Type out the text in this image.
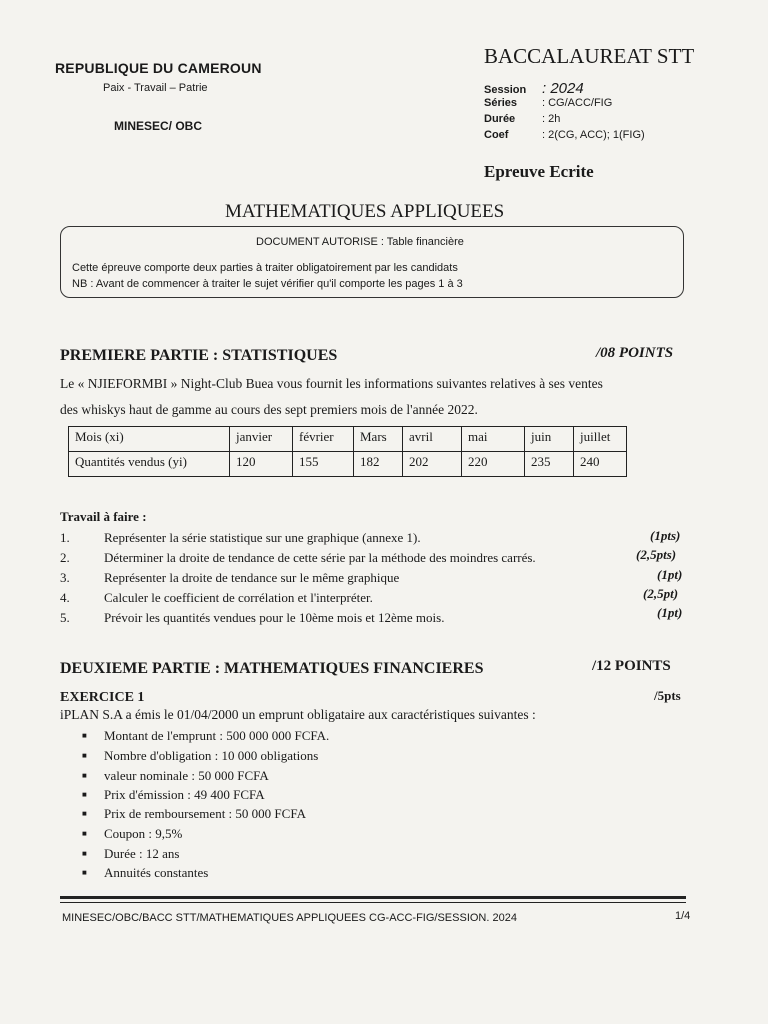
REPUBLIQUE DU CAMEROUN
Paix - Travail – Patrie
MINESEC/ OBC
BACCALAUREAT STT
Session : 2024
Séries : CG/ACC/FIG
Durée : 2h
Coef	: 2(CG, ACC); 1(FIG)
Epreuve Ecrite
MATHEMATIQUES APPLIQUEES
DOCUMENT AUTORISE : Table financière
Cette épreuve comporte deux parties à traiter obligatoirement par les candidats
NB : Avant de commencer à traiter le sujet vérifier qu'il comporte les pages 1 à 3
PREMIERE PARTIE : STATISTIQUES	/08 POINTS
Le « NJIEFORMBI » Night-Club Buea vous fournit les informations suivantes relatives à ses ventes
des whiskys haut de gamme au cours des sept premiers mois de l'année 2022.
Mois (xi)	janvier	février	Mars	avril	mai	juin	juillet
Quantités vendus (yi)	120	155	182	202	220	235	240
Travail à faire :
1.	Représenter la série statistique sur une graphique (annexe 1).	(1pts)
2.	Déterminer la droite de tendance de cette série par la méthode des moindres carrés.	(2,5pts)
3.	Représenter la droite de tendance sur le même graphique	(1pt)
4.	Calculer le coefficient de corrélation et l'interpréter.	(2,5pt)
5.	Prévoir les quantités vendues pour le 10ème mois et 12ème mois.	(1pt)
DEUXIEME PARTIE : MATHEMATIQUES FINANCIERES	/12 POINTS
EXERCICE 1	/5pts
iPLAN S.A a émis le 01/04/2000 un emprunt obligataire aux caractéristiques suivantes :
■ Montant de l'emprunt : 500 000 000 FCFA.
■ Nombre d'obligation : 10 000 obligations
■ valeur nominale : 50 000 FCFA
■ Prix d'émission : 49 400 FCFA
■ Prix de remboursement : 50 000 FCFA
■ Coupon : 9,5%
■ Durée : 12 ans
■ Annuités constantes
MINESEC/OBC/BACC STT/MATHEMATIQUES APPLIQUEES CG-ACC-FIG/SESSION. 2024	1/4
